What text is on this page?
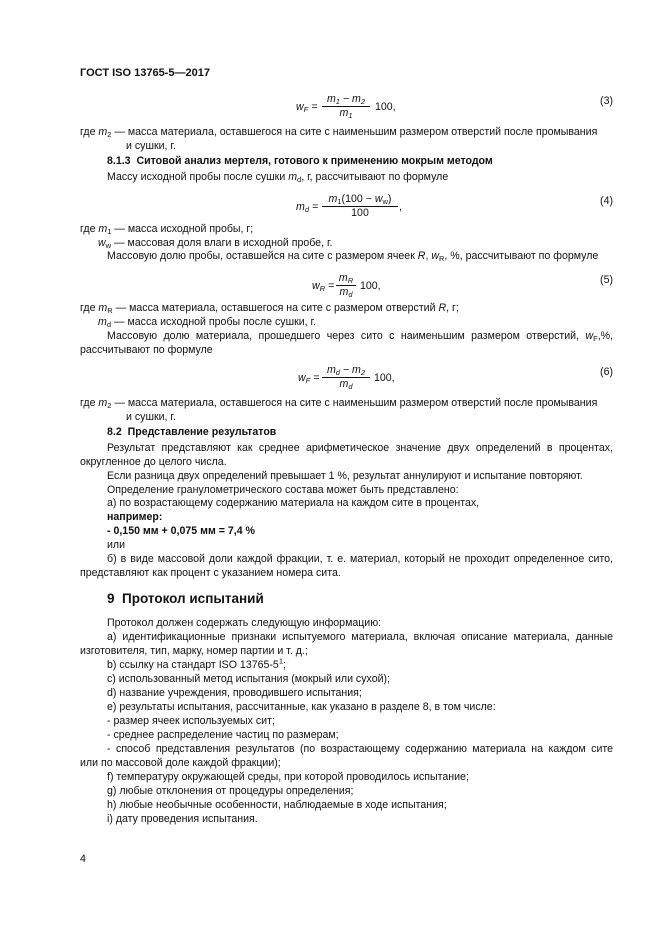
ГОСТ ISO 13765-5—2017
$w_F = \frac{m_1 - m_2}{m_1} 100$,	(3)
где $m_2$ — масса материала, оставшегося на сите с наименьшим размером отверстий после промывания
и сушки, г.
8.1.3 Ситовой анализ мертеля, готового к применению мокрым методом
Массу исходной пробы после сушки $m_d$, г, рассчитывают по формуле
$m_d = \frac{m_1(100 - w_w)}{100}$ ,	(4)
где $m_1$ — масса исходной пробы, г;
$w_w$ — массовая доля влаги в исходной пробе, г.
Массовую долю пробы, оставшейся на сите с размером ячеек R, $w_R$, %, рассчитывают по формуле
$w_R = \frac{m_R}{m_d} 100$,	(5)
где $m_R$ — масса материала, оставшегося на сите с размером отверстий R, г;
$m_d$ — масса исходной пробы после сушки, г.
Массовую долю материала, прошедшего через сито с наименьшим размером отверстий, $w_F,\%$,
рассчитывают по формуле
$w_F = \frac{m_d - m_2}{m_d} 100$,	(6)
где $m_2$ — масса материала, оставшегося на сите с наименьшим размером отверстий после промывания
и сушки, г.
8.2 Представление результатов
Результат представляют как среднее арифметическое значение двух определений в процентах,
округленное до целого числа.
Если разница двух определений превышает 1 %, результат аннулируют и испытание повторяют.
Определение гранулометрического состава может быть представлено:
а) по возрастающему содержанию материала на каждом сите в процентах,
например:
- 0,150 мм + 0,075 мм = 7,4 %
или
б) в виде массовой доли каждой фракции, т. е. материал, который не проходит определенное сито,
представляют как процент с указанием номера сита.
9 Протокол испытаний
Протокол должен содержать следующую информацию:
а) идентификационные признаки испытуемого материала, включая описание материала, данные
изготовителя, тип, марку, номер партии и т. д.;
b) ссылку на стандарт ISO $13765-5^1$;
c) использованный метод испытания (мокрый или сухой);
d) название учреждения, проводившего испытания;
e) результаты испытания, рассчитанные, как указано в разделе 8, в том числе:
- размер ячеек используемых сит;
- среднее распределение частиц по размерам;
- способ представления результатов (по возрастающему содержанию материала на каждом сите
или по массовой доле каждой фракции);
f) температуру окружающей среды, при которой проводилось испытание;
g) любые отклонения от процедуры определения;
h) любые необычные особенности, наблюдаемые в ходе испытания;
i) дату проведения испытания.
4
